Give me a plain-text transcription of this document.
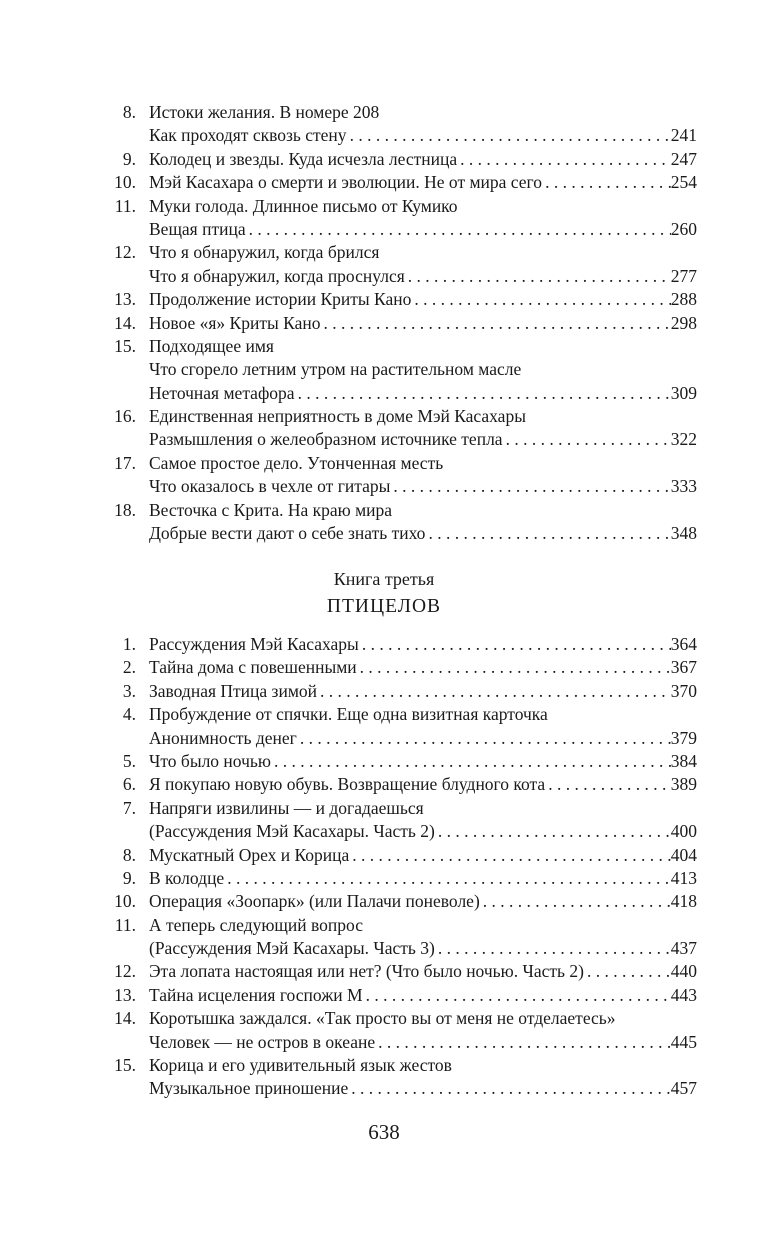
8. Истоки желания. В номере 208
Как проходят сквозь стену . . .	241
9. Колодец и звезды. Куда исчезла лестница . . .	247
10. Мэй Касахара о смерти и эволюции. Не от мира сего . . .	254
11. Муки голода. Длинное письмо от Кумико
Вещая птица . . .	260
12. Что я обнаружил, когда брился
Что я обнаружил, когда проснулся . . .	277
13. Продолжение истории Криты Кано . . .	288
14. Новое «я» Криты Кано . . .	298
15. Подходящее имя
Что сгорело летним утром на растительном масле
Неточная метафора . . .	309
16. Единственная неприятность в доме Мэй Касахары
Размышления о желеобразном источнике тепла . . .	322
17. Самое простое дело. Утонченная месть
Что оказалось в чехле от гитары . . .	333
18. Весточка с Крита. На краю мира
Добрые вести дают о себе знать тихо . . .	348
Книга третья
ПТИЦЕЛОВ
1. Рассуждения Мэй Касахары . . .	364
2. Тайна дома с повешенными . . .	367
3. Заводная Птица зимой . . .	370
4. Пробуждение от спячки. Еще одна визитная карточка
Анонимность денег . . .	379
5. Что было ночью . . .	384
6. Я покупаю новую обувь. Возвращение блудного кота . . .	389
7. Напряги извилины — и догадаешься
(Рассуждения Мэй Касахары. Часть 2) . . .	400
8. Мускатный Орех и Корица . . .	404
9. В колодце . . .	413
10. Операция «Зоопарк» (или Палачи поневоле) . . .	418
11. А теперь следующий вопрос
(Рассуждения Мэй Касахары. Часть 3) . . .	437
12. Эта лопата настоящая или нет? (Что было ночью. Часть 2) . . .	440
13. Тайна исцеления госпожи М . . .	443
14. Коротышка заждался. «Так просто вы от меня не отделаетесь»
Человек — не остров в океане . . .	445
15. Корица и его удивительный язык жестов
Музыкальное приношение . . .	457
638
